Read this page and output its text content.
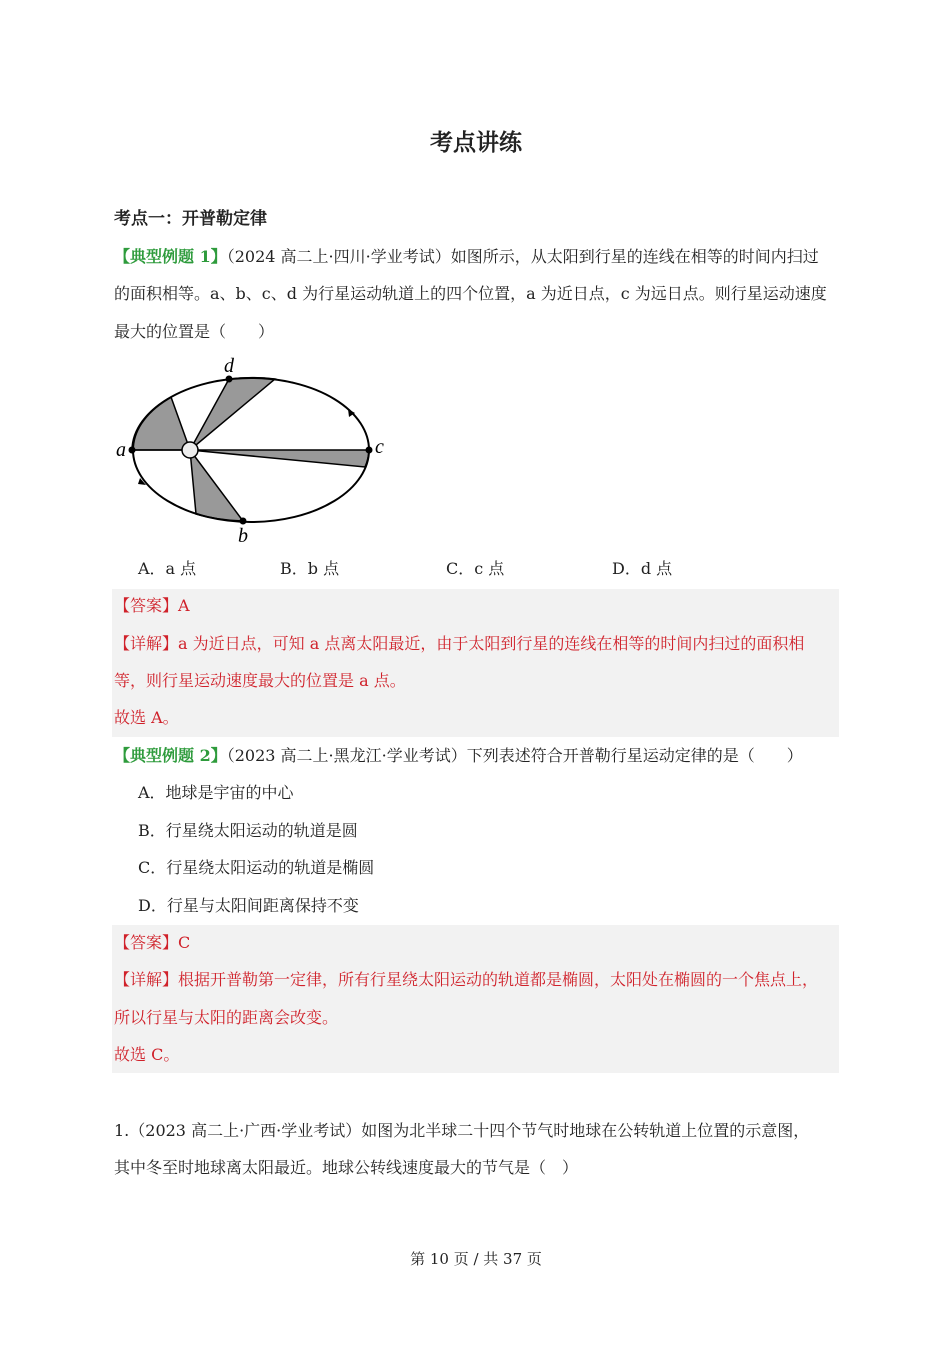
考点讲练
考点一：开普勒定律
【典型例题 1】（2024 高二上·四川·学业考试）如图所示，从太阳到行星的连线在相等的时间内扫过
的面积相等。a、b、c、d 为行星运动轨道上的四个位置，a 为近日点，c 为远日点。则行星运动速度
最大的位置是（　　）
a
d
c
b
A．a 点	B．b 点	C．c 点	D．d 点
【答案】A
【详解】a 为近日点，可知 a 点离太阳最近，由于太阳到行星的连线在相等的时间内扫过的面积相
等，则行星运动速度最大的位置是 a 点。
故选 A。
【典型例题 2】（2023 高二上·黑龙江·学业考试）下列表述符合开普勒行星运动定律的是（　　）
A．地球是宇宙的中心
B．行星绕太阳运动的轨道是圆
C．行星绕太阳运动的轨道是椭圆
D．行星与太阳间距离保持不变
【答案】C
【详解】根据开普勒第一定律，所有行星绕太阳运动的轨道都是椭圆，太阳处在椭圆的一个焦点上，
所以行星与太阳的距离会改变。
故选 C。
1.（2023 高二上·广西·学业考试）如图为北半球二十四个节气时地球在公转轨道上位置的示意图，
其中冬至时地球离太阳最近。地球公转线速度最大的节气是（　）
第 10 页 / 共 37 页
